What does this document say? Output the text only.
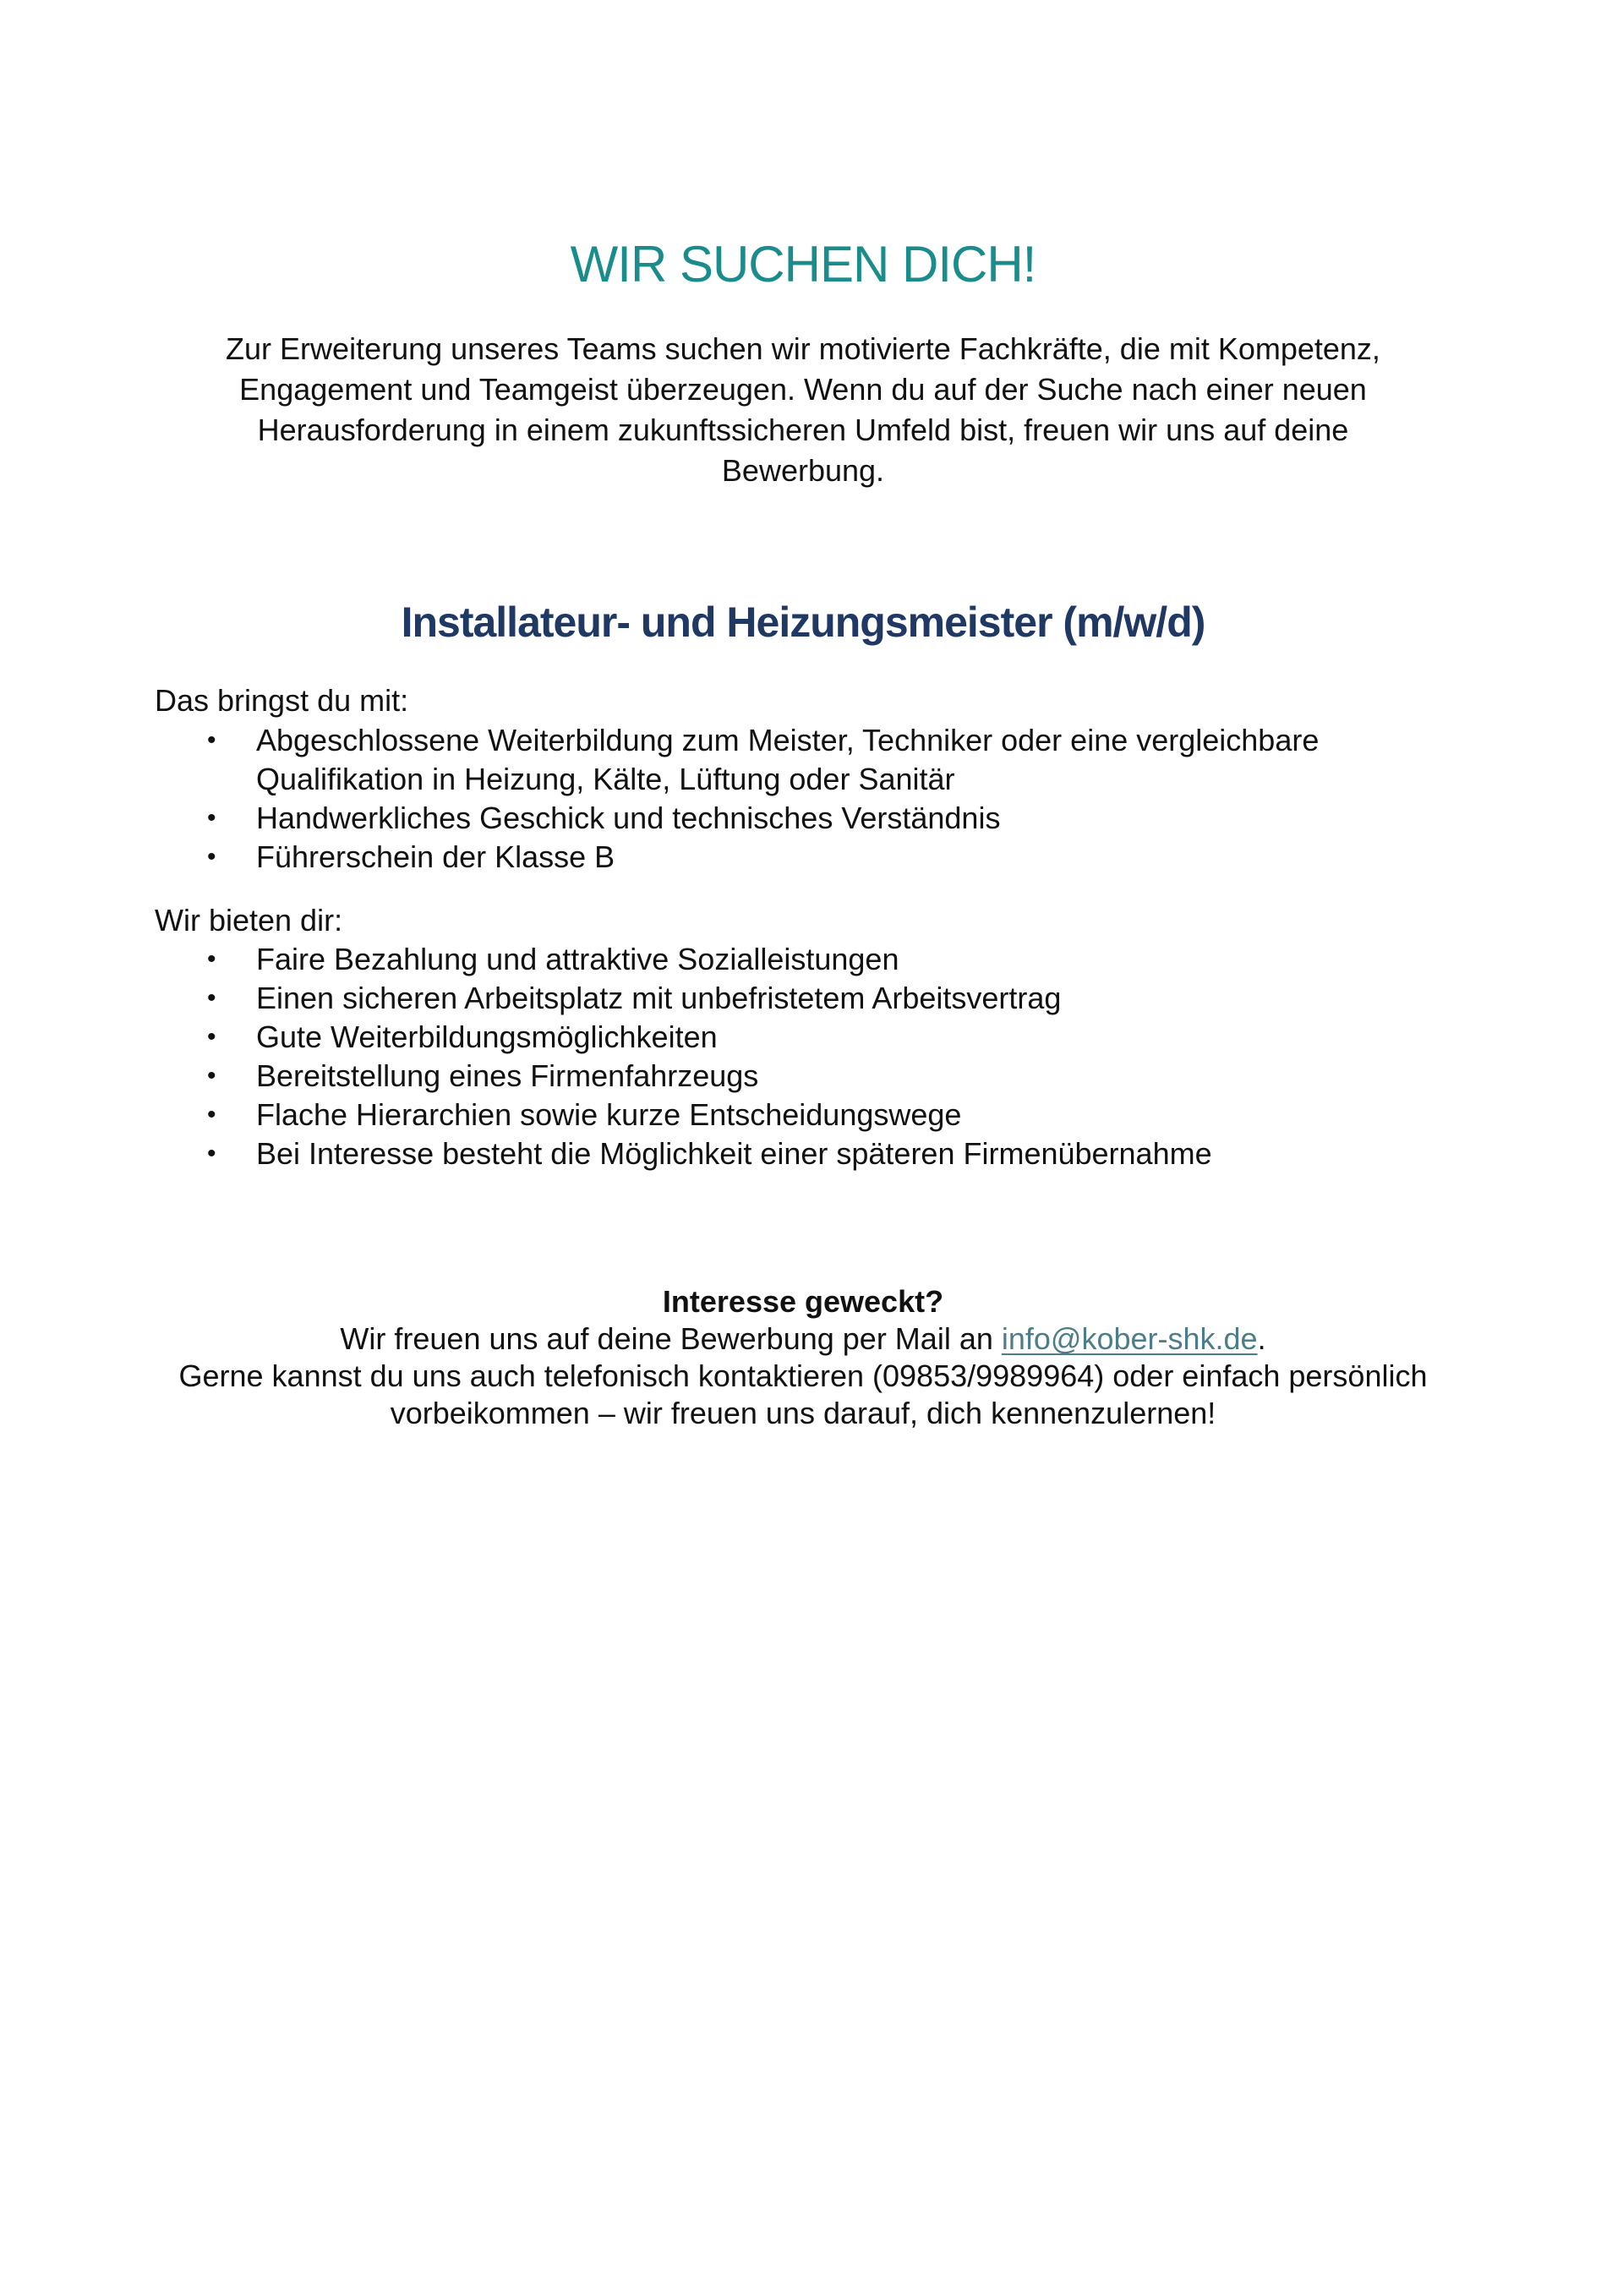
WIR SUCHEN DICH!
Zur Erweiterung unseres Teams suchen wir motivierte Fachkräfte, die mit Kompetenz,
Engagement und Teamgeist überzeugen. Wenn du auf der Suche nach einer neuen
Herausforderung in einem zukunftssicheren Umfeld bist, freuen wir uns auf deine
Bewerbung.
Installateur- und Heizungsmeister (m/w/d)
Das bringst du mit:
• Abgeschlossene Weiterbildung zum Meister, Techniker oder eine vergleichbare
Qualifikation in Heizung, Kälte, Lüftung oder Sanitär
• Handwerkliches Geschick und technisches Verständnis
• Führerschein der Klasse B
Wir bieten dir:
• Faire Bezahlung und attraktive Sozialleistungen
• Einen sicheren Arbeitsplatz mit unbefristetem Arbeitsvertrag
• Gute Weiterbildungsmöglichkeiten
• Bereitstellung eines Firmenfahrzeugs
• Flache Hierarchien sowie kurze Entscheidungswege
• Bei Interesse besteht die Möglichkeit einer späteren Firmenübernahme
Interesse geweckt?
Wir freuen uns auf deine Bewerbung per Mail an info@kober-shk.de.
Gerne kannst du uns auch telefonisch kontaktieren (09853/9989964) oder einfach persönlich
vorbeikommen – wir freuen uns darauf, dich kennenzulernen!
